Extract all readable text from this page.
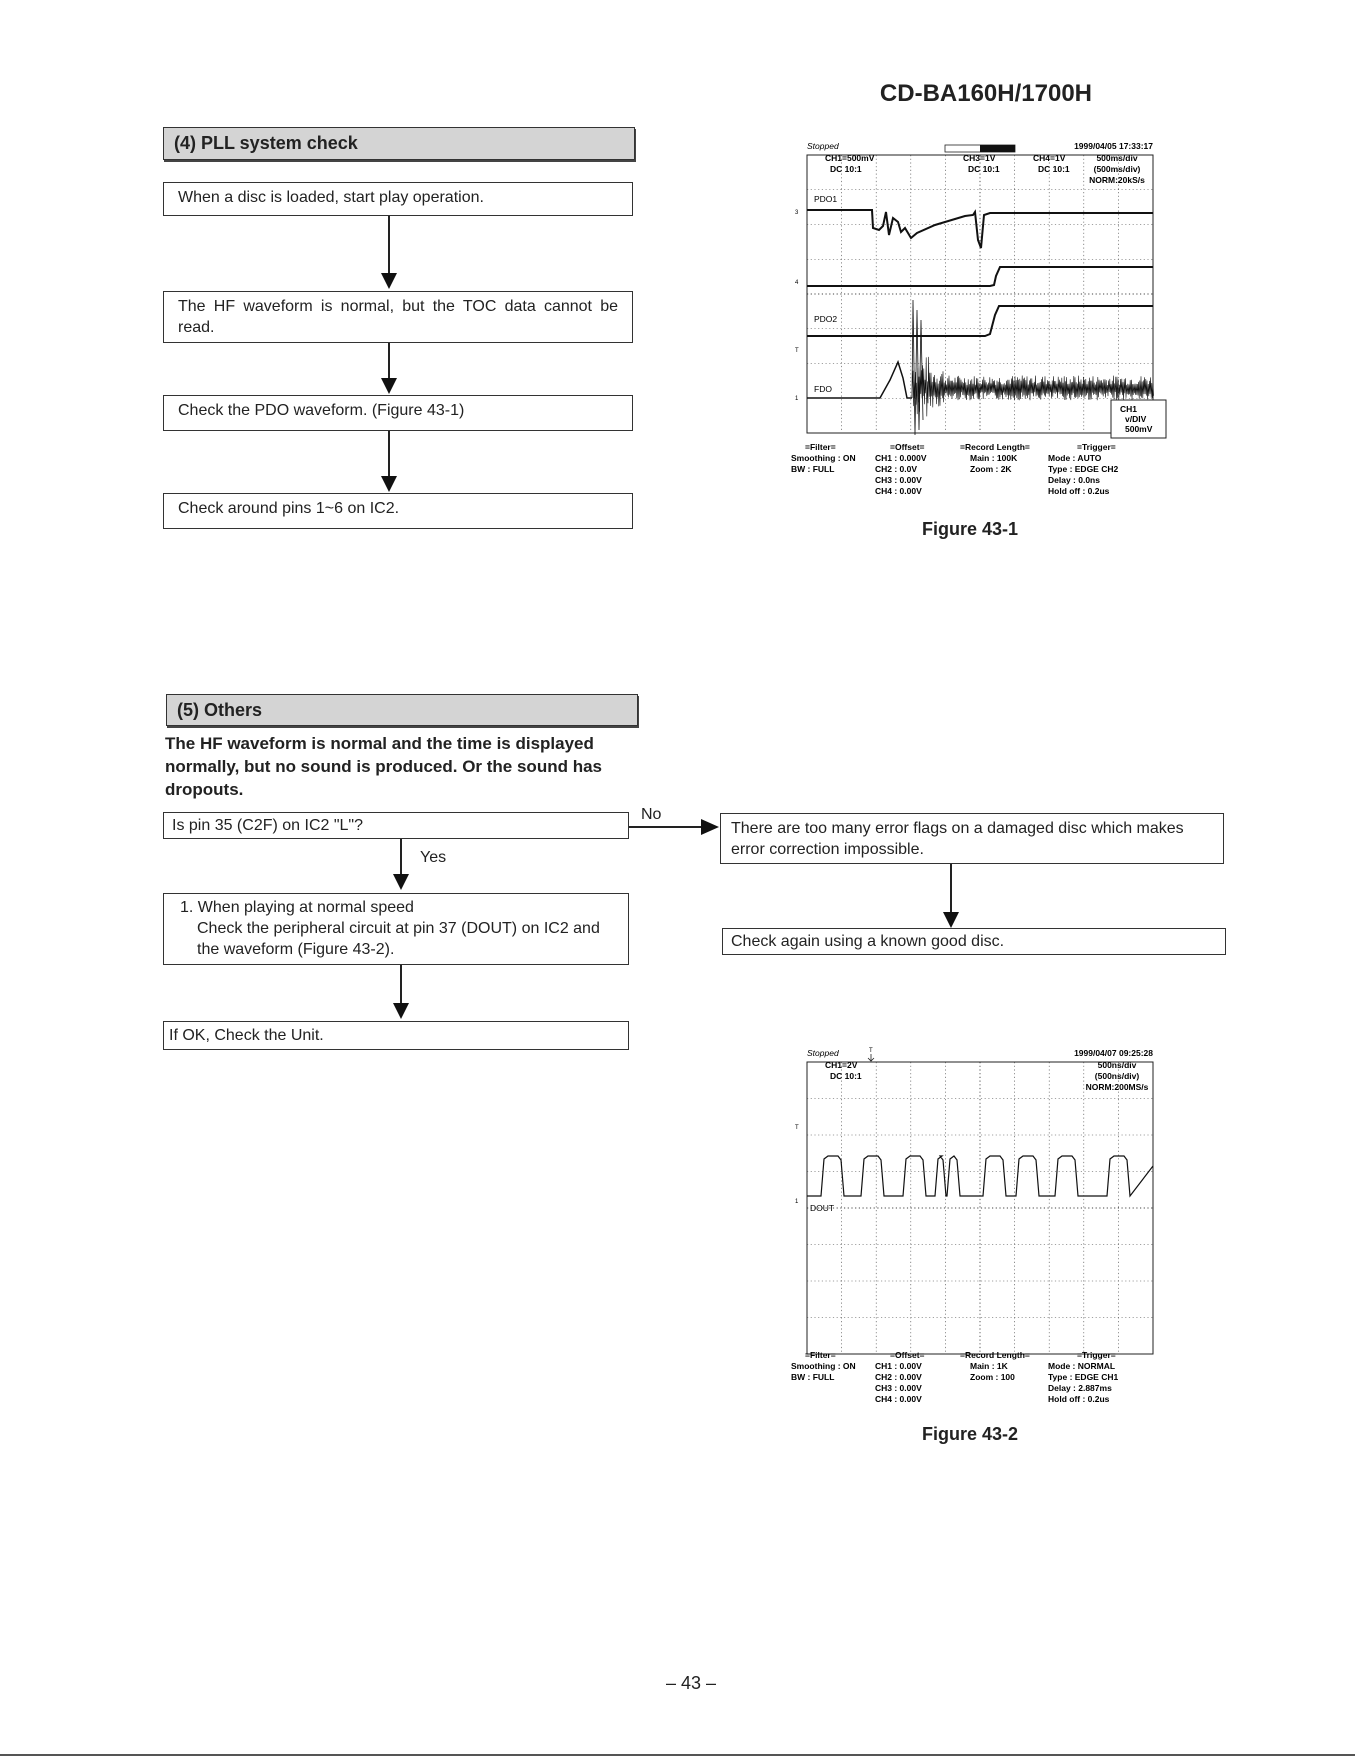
CD-BA160H/1700H
(4) PLL system check
When a disc is loaded, start play operation.
The HF waveform is normal, but the TOC data cannot be read.
Check the PDO waveform. (Figure 43-1)
Check around pins 1~6 on IC2.
Stopped	1999/04/05 17:33:17
CH1=500mV
DC 10:1
CH3=1V
DC 10:1
CH4=1V
DC 10:1
500ms/div
(500ms/div)
NORM:20kS/s
PDO1
PDO2
FDO
3
4
T
1
CH1
v/DIV
500mV
=Filter=
Smoothing : ON
BW : FULL
=Offset=
CH1 : 0.000V
CH2 : 0.0V
CH3 : 0.00V
CH4 : 0.00V
=Record Length=
Main : 100K
Zoom : 2K
=Trigger=
Mode : AUTO
Type : EDGE CH2
Delay : 0.0ns
Hold off : 0.2us
Figure 43-1
(5) Others
The HF waveform is normal and the time is displayed normally, but no sound is produced. Or the sound has dropouts.
Is pin 35 (C2F) on IC2 "L"?
No
There are too many error flags on a damaged disc which makes error correction impossible.
Check again using a known good disc.
Yes
1. When playing at normal speed
Check the peripheral circuit at pin 37 (DOUT) on IC2 and the waveform (Figure 43-2).
If OK, Check the Unit.
Stopped	T	1999/04/07 09:25:28
CH1=2V
DC 10:1
500ns/div
(500ns/div)
NORM:200MS/s
T
1
DOUT
=Filter=
Smoothing : ON
BW : FULL
=Offset=
CH1 : 0.00V
CH2 : 0.00V
CH3 : 0.00V
CH4 : 0.00V
=Record Length=
Main : 1K
Zoom : 100
=Trigger=
Mode : NORMAL
Type : EDGE CH1
Delay : 2.887ms
Hold off : 0.2us
Figure 43-2
– 43 –
